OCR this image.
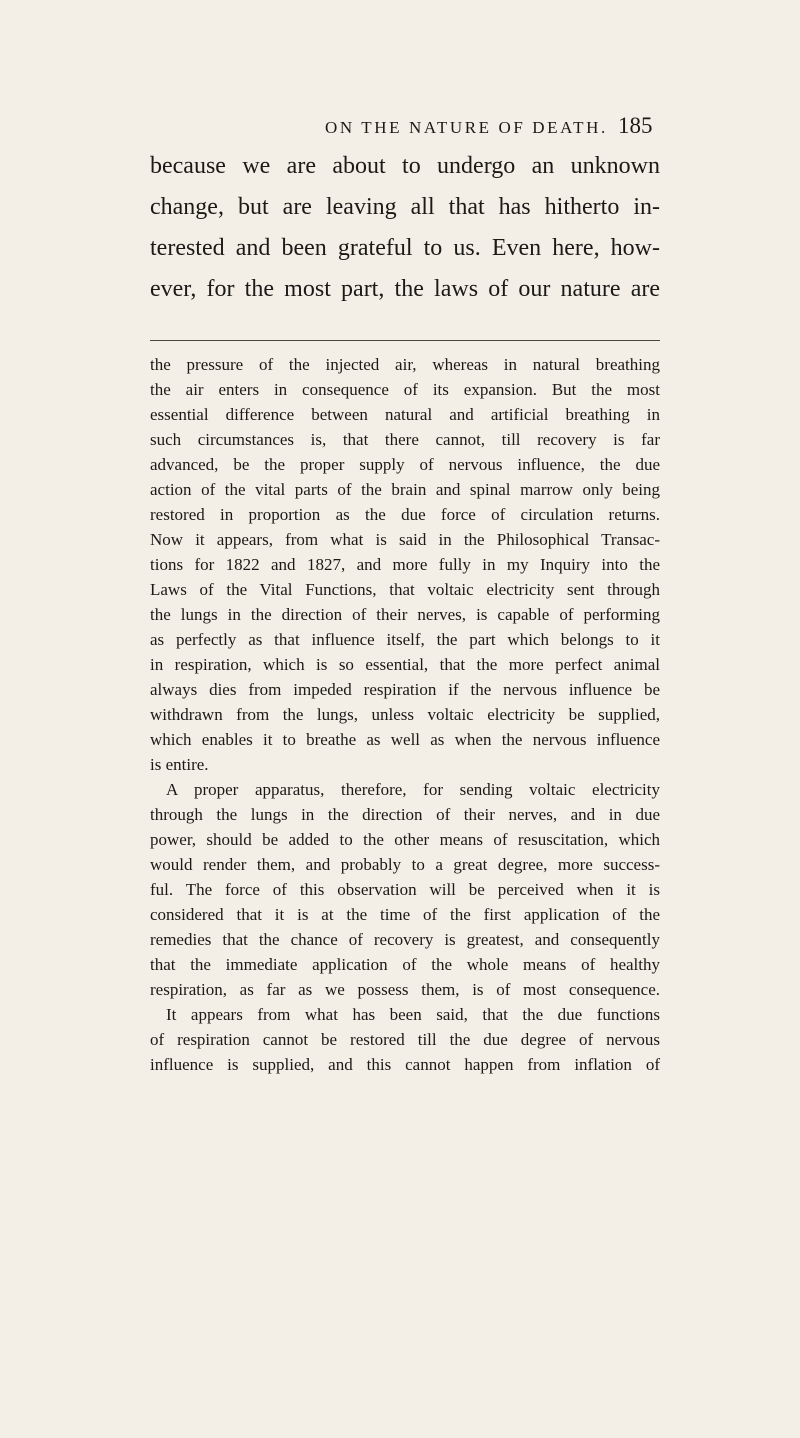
ON THE NATURE OF DEATH. 185
because we are about to undergo an unknown
change, but are leaving all that has hitherto in-
terested and been grateful to us. Even here, how-
ever, for the most part, the laws of our nature are
the pressure of the injected air, whereas in natural breathing
the air enters in consequence of its expansion. But the most
essential difference between natural and artificial breathing in
such circumstances is, that there cannot, till recovery is far
advanced, be the proper supply of nervous influence, the due
action of the vital parts of the brain and spinal marrow only being
restored in proportion as the due force of circulation returns.
Now it appears, from what is said in the Philosophical Transac-
tions for 1822 and 1827, and more fully in my Inquiry into the
Laws of the Vital Functions, that voltaic electricity sent through
the lungs in the direction of their nerves, is capable of performing
as perfectly as that influence itself, the part which belongs to it
in respiration, which is so essential, that the more perfect animal
always dies from impeded respiration if the nervous influence be
withdrawn from the lungs, unless voltaic electricity be supplied,
which enables it to breathe as well as when the nervous influence
is entire.
A proper apparatus, therefore, for sending voltaic electricity
through the lungs in the direction of their nerves, and in due
power, should be added to the other means of resuscitation, which
would render them, and probably to a great degree, more success-
ful. The force of this observation will be perceived when it is
considered that it is at the time of the first application of the
remedies that the chance of recovery is greatest, and consequently
that the immediate application of the whole means of healthy
respiration, as far as we possess them, is of most consequence.
It appears from what has been said, that the due functions
of respiration cannot be restored till the due degree of nervous
influence is supplied, and this cannot happen from inflation of
